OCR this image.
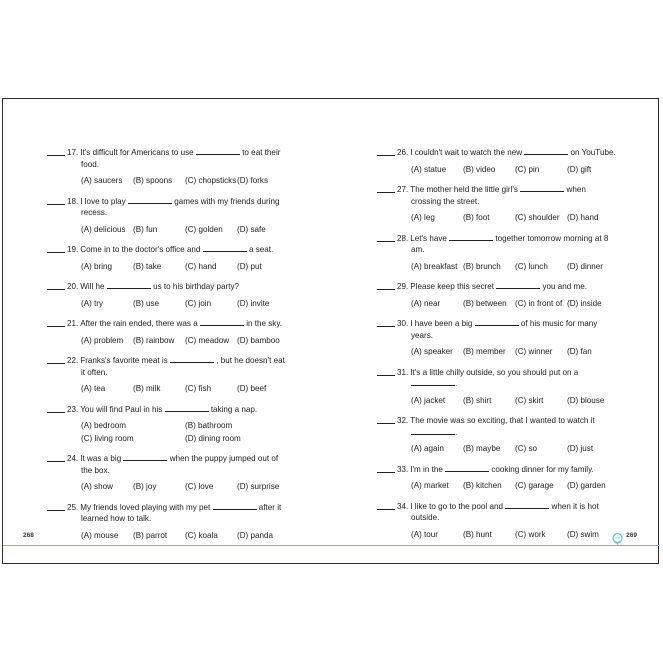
17. It's difficult for Americans to use	to eat their
food.
(A) saucers	(B) spoons	(C) chopsticks (D) forks
18. I love to play	games with my friends during
recess.
(A) delicious (B) fun	(C) golden	(D) safe
19. Come in to the doctor's office and	a seat.
(A) bring	(B) take	(C) hand	(D) put
20. Will he	us to his birthday party?
(A) try	(B) use	(C) join	(D) invite
21. After the rain ended, there was a	in the sky.
(A) problem	(B) rainbow	(C) meadow (D) bamboo
22. Franks's favorite meat is	, but he doesn't eat
it often.
(A) tea	(B) milk	(C) fish	(D) beef
23. You will find Paul in his	taking a nap.
(A) bedroom	(B) bathroom
(C) living room	(D) dining room
24. It was a big	when the puppy jumped out of
the box.
(A) show	(B) joy	(C) love	(D) surprise
25. My friends loved playing with my pet	after it
learned how to talk.
(A) mouse	(B) parrot	(C) koala	(D) panda
268
26. I couldn't wait to watch the new	on YouTube.
(A) statue	(B) video	(C) pin	(D) gift
27. The mother held the little girl's	when
crossing the street.
(A) leg	(B) foot	(C) shoulder (D) hand
28. Let's have	together tomorrow morning at 8
am.
(A) breakfast (B) brunch	(C) lunch	(D) dinner
29. Please keep this secret	you and me.
(A) near	(B) between	(C) in front of (D) inside
30. I have been a big	of his music for many
years.
(A) speaker	(B) member	(C) winner	(D) fan
31. It's a little chilly outside, so you should put on a
.
(A) jacket	(B) shirt	(C) skirt	(D) blouse
32. The movie was so exciting, that I wanted to watch it
.
(A) again	(B) maybe	(C) so	(D) just
33. I'm in the	cooking dinner for my family.
(A) market	(B) kitchen	(C) garage	(D) garden
34. I like to go to the pool and	when it is hot
outside.
(A) tour	(B) hunt	(C) work	(D) swim	269
